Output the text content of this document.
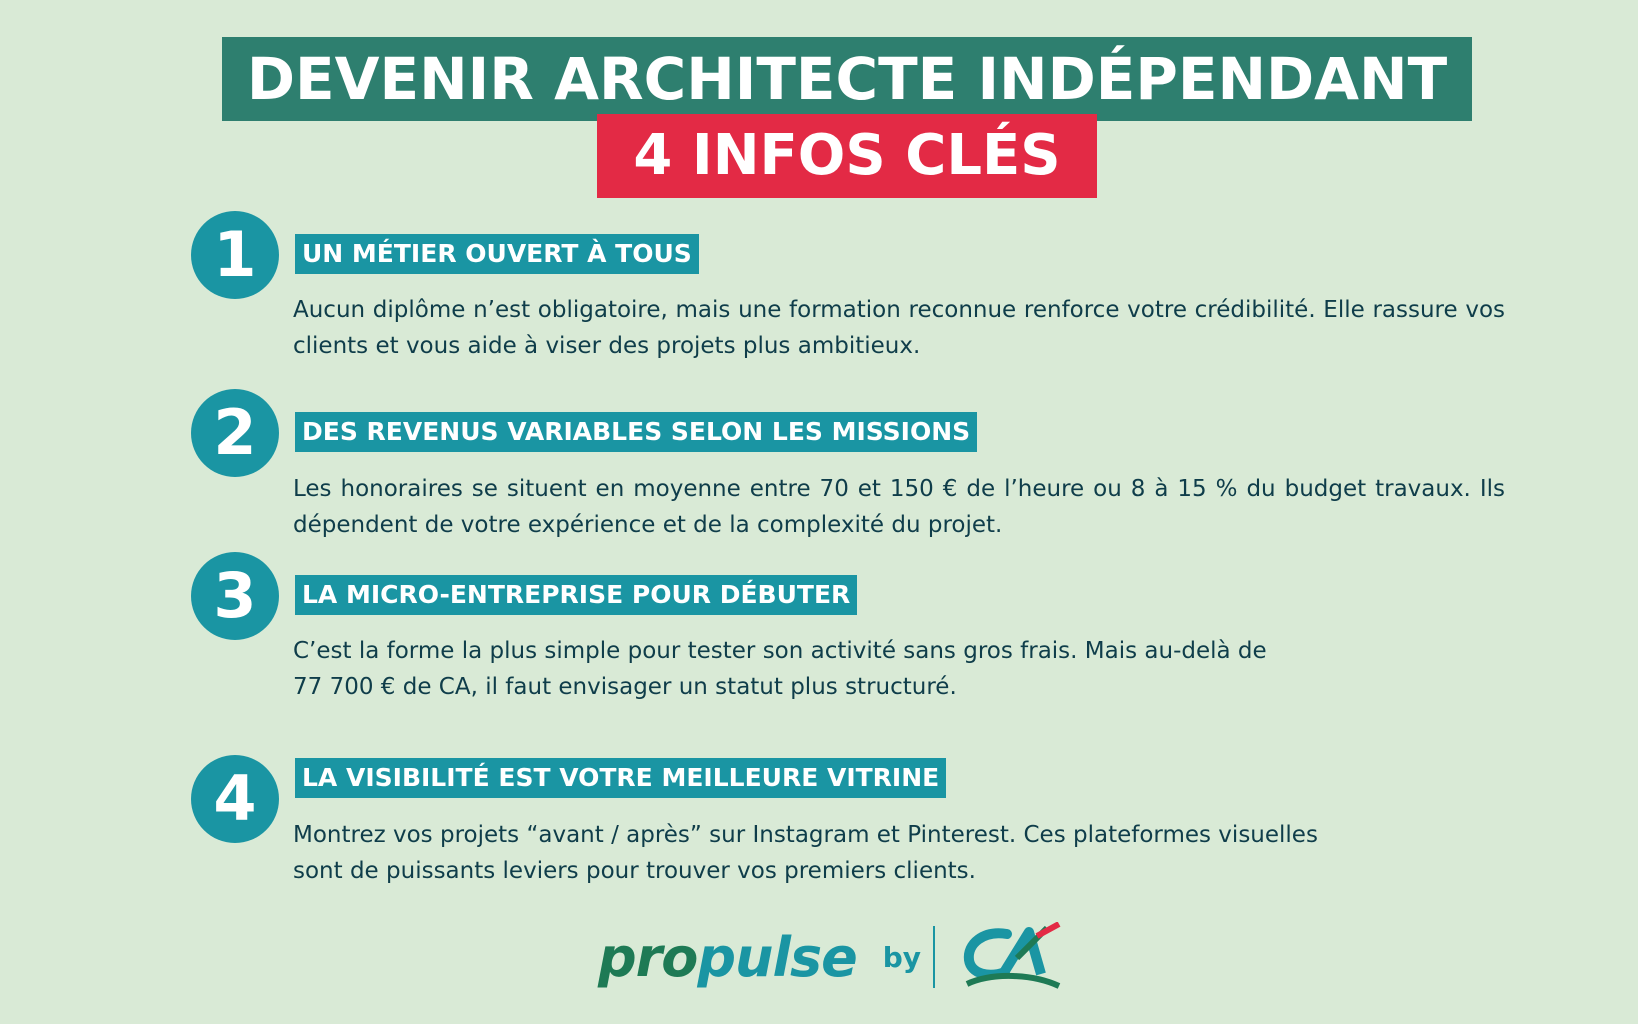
DEVENIR ARCHITECTE INDÉPENDANT
4 INFOS CLÉS
1	UN MÉTIER OUVERT À TOUS
Aucun diplôme n’est obligatoire, mais une formation reconnue renforce votre crédibilité. Elle rassure vos clients et vous aide à viser des projets plus ambitieux.
2	DES REVENUS VARIABLES SELON LES MISSIONS
Les honoraires se situent en moyenne entre 70 et 150 € de l’heure ou 8 à 15 % du budget travaux. Ils dépendent de votre expérience et de la complexité du projet.
3	LA MICRO-ENTREPRISE POUR DÉBUTER
C’est la forme la plus simple pour tester son activité sans gros frais. Mais au-delà de
77 700 € de CA, il faut envisager un statut plus structuré.
4	LA VISIBILITÉ EST VOTRE MEILLEURE VITRINE
Montrez vos projets “avant / après” sur Instagram et Pinterest. Ces plateformes visuelles
sont de puissants leviers pour trouver vos premiers clients.
pro pulse by
